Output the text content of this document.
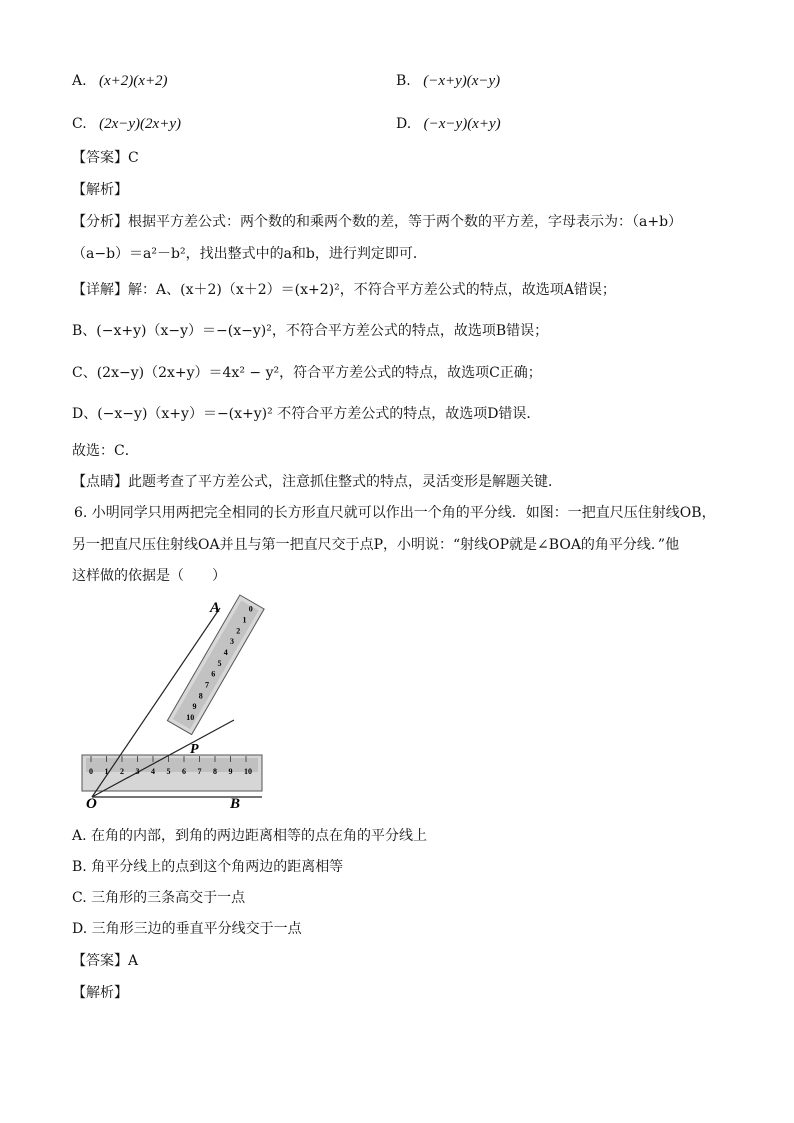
A. (x+2)(x+2)	B. (−x+y)(x−y)
C. (2x−y)(2x+y)	D. (−x−y)(x+y)
【答案】C
【解析】
【分析】根据平方差公式：两个数的和乘两个数的差，等于两个数的平方差，字母表示为：（a+b）
（a−b）＝a²－b²，找出整式中的a和b，进行判定即可．
【详解】解：A、(x＋2)（x＋2）＝(x+2)²，不符合平方差公式的特点，故选项A错误；
B、(−x+y)（x−y）＝−(x−y)²，不符合平方差公式的特点，故选项B错误；
C、(2x−y)（2x+y）＝4x² − y²，符合平方差公式的特点，故选项C正确；
D、(−x−y)（x+y）＝−(x+y)² 不符合平方差公式的特点，故选项D错误．
故选：C．
【点睛】此题考查了平方差公式，注意抓住整式的特点，灵活变形是解题关键．
6. 小明同学只用两把完全相同的长方形直尺就可以作出一个角的平分线．如图：一把直尺压住射线OB，
另一把直尺压住射线OA并且与第一把直尺交于点P，小明说：“射线OP就是∠BOA的角平分线．”他
这样做的依据是（　　）
0 1 2 3 4 5 6 7 8 9 10
0
1
2
3
4
5
6
7
8
9
10
A
P
O	B
A. 在角的内部，到角的两边距离相等的点在角的平分线上
B. 角平分线上的点到这个角两边的距离相等
C. 三角形的三条高交于一点
D. 三角形三边的垂直平分线交于一点
【答案】A
【解析】
